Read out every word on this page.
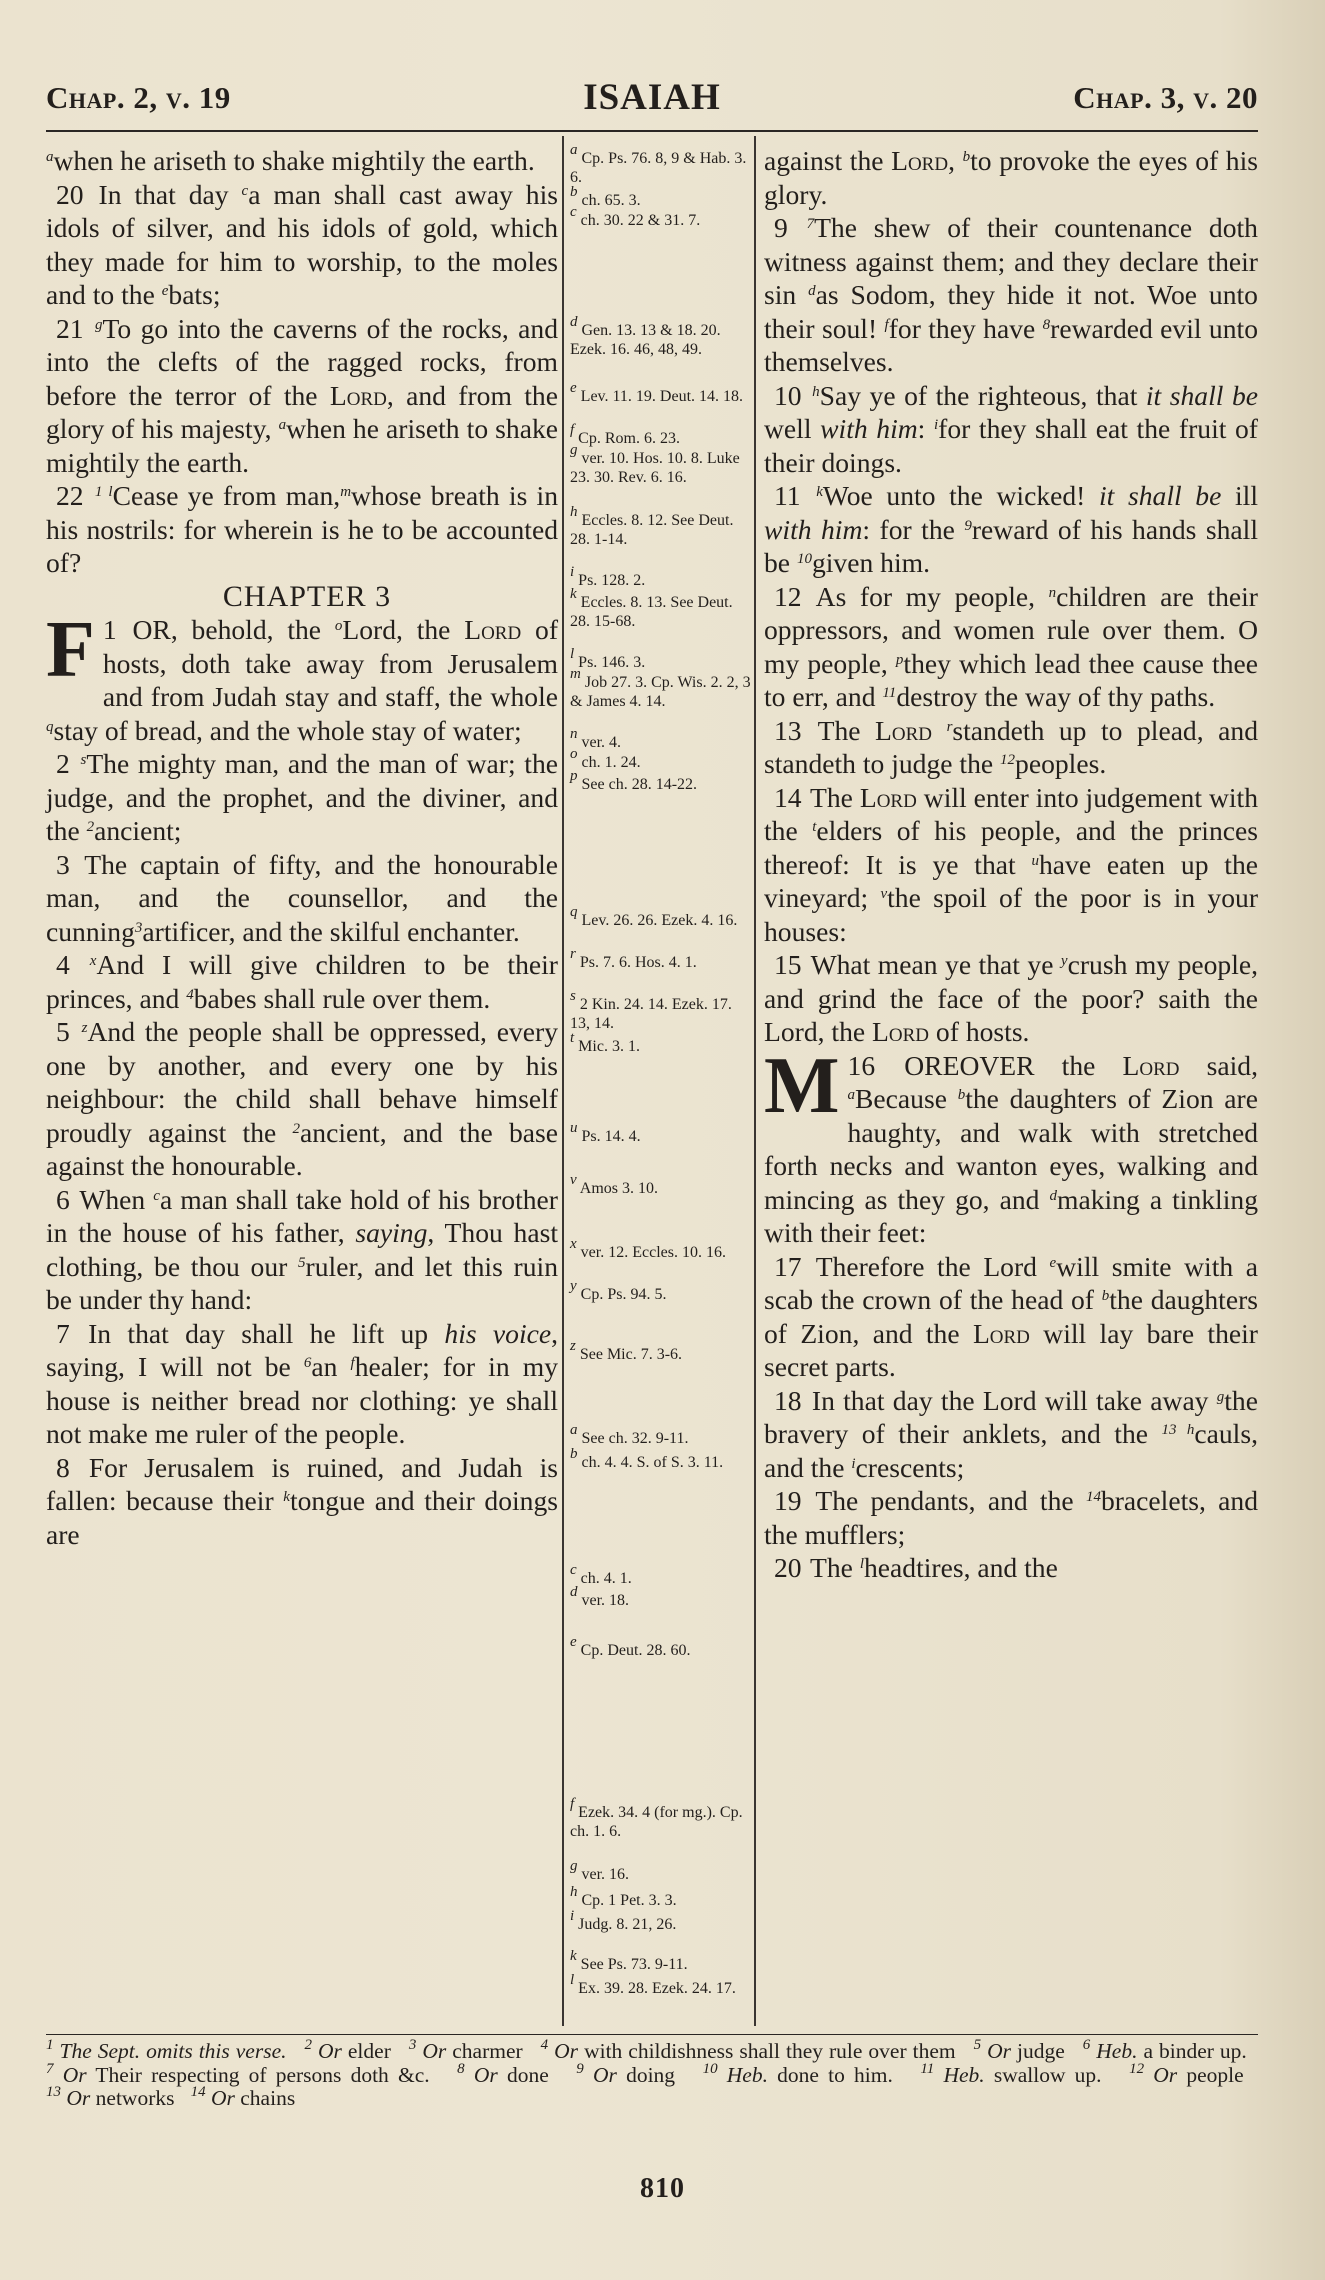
Chap. 2, v. 19	ISAIAH	Chap. 3, v. 20

$^a$when he ariseth to shake mightily the earth.

20 In that day $^c$a man shall cast away his idols of silver, and his idols of gold, which they made for him to worship, to the moles and to the $^e$bats;

21 $^g$To go into the caverns of the rocks, and into the clefts of the ragged rocks, from before the terror of the Lord, and from the glory of his majesty, $^a$when he ariseth to shake mightily the earth.

22 $^{1 l}$Cease ye from man,$^m$whose breath is in his nostrils: for wherein is he to be accounted of?

CHAPTER 3

1
F OR, behold, the $^o$Lord, the Lord of hosts, doth take away from Jerusalem and from Judah stay and staff, the whole $^q$stay of bread, and the whole stay of water;

2 $^s$The mighty man, and the man of war; the judge, and the prophet, and the diviner, and the $^2$ancient;

3 The captain of fifty, and the honourable man, and the counsellor, and the cunning$^3$artificer, and the skilful enchanter.

4 $^x$And I will give children to be their princes, and $^4$babes shall rule over them.

5 $^z$And the people shall be oppressed, every one by another, and every one by his neighbour: the child shall behave himself proudly against the $^2$ancient, and the base against the honourable.

6 When $^c$a man shall take hold of his brother in the house of his father, saying, Thou hast clothing, be thou our $^5$ruler, and let this ruin be under thy hand:

7 In that day shall he lift up his voice, saying, I will not be $^6$an $^f$healer; for in my house is neither bread nor clothing: ye shall not make me ruler of the people.

8 For Jerusalem is ruined, and Judah is fallen: because their $^k$tongue and their doings are

a Cp. Ps. 76. 8, 9 & Hab. 3. 6.
b ch. 65. 3.
c ch. 30. 22 & 31. 7.
d Gen. 13. 13 & 18. 20. Ezek. 16. 46, 48, 49.
e Lev. 11. 19. Deut. 14. 18.
f Cp. Rom. 6. 23.
g ver. 10. Hos. 10. 8. Luke 23. 30. Rev. 6. 16.
h Eccles. 8. 12. See Deut. 28. 1-14.
i Ps. 128. 2.
k Eccles. 8. 13. See Deut. 28. 15-68.
l Ps. 146. 3.
m Job 27. 3. Cp. Wis. 2. 2, 3 & James 4. 14.
n ver. 4.
o ch. 1. 24.
p See ch. 28. 14-22.
q Lev. 26. 26. Ezek. 4. 16.
r Ps. 7. 6. Hos. 4. 1.
s 2 Kin. 24. 14. Ezek. 17. 13, 14.
t Mic. 3. 1.
u Ps. 14. 4.
v Amos 3. 10.
x ver. 12. Eccles. 10. 16.
y Cp. Ps. 94. 5.
z See Mic. 7. 3-6.
a See ch. 32. 9-11.
b ch. 4. 4. S. of S. 3. 11.
c ch. 4. 1.
d ver. 18.
e Cp. Deut. 28. 60.
f Ezek. 34. 4 (for mg.). Cp. ch. 1. 6.
g ver. 16.
h Cp. 1 Pet. 3. 3.
i Judg. 8. 21, 26.
k See Ps. 73. 9-11.
l Ex. 39. 28. Ezek. 24. 17.

against the Lord, $^b$to provoke the eyes of his glory.

9 $^7$The shew of their countenance doth witness against them; and they declare their sin $^d$as Sodom, they hide it not. Woe unto their soul! $^f$for they have $^8$rewarded evil unto themselves.

10 $^h$Say ye of the righteous, that it shall be well with him: $^i$for they shall eat the fruit of their doings.

11 $^k$Woe unto the wicked! it shall be ill with him: for the $^9$reward of his hands shall be $^{10}$given him.

12 As for my people, $^n$children are their oppressors, and women rule over them. O my people, $^p$they which lead thee cause thee to err, and $^{11}$destroy the way of thy paths.

13 The Lord $^r$standeth up to plead, and standeth to judge the $^{12}$peoples.

14 The Lord will enter into judgement with the $^t$elders of his people, and the princes thereof: It is ye that $^u$have eaten up the vineyard; $^v$the spoil of the poor is in your houses:

15 What mean ye that ye $^y$crush my people, and grind the face of the poor? saith the Lord, the Lord of hosts.

16
M OREOVER the Lord said, $^a$Because $^b$the daughters of Zion are haughty, and walk with stretched forth necks and wanton eyes, walking and mincing as they go, and $^d$making a tinkling with their feet:

17 Therefore the Lord $^e$will smite with a scab the crown of the head of $^b$the daughters of Zion, and the Lord will lay bare their secret parts.

18 In that day the Lord will take away $^g$the bravery of their anklets, and the $^{13 h}$cauls, and the $^i$crescents;

19 The pendants, and the $^{14}$bracelets, and the mufflers;

20 The $^l$headtires, and the

$^1$ The Sept. omits this verse. $^2$ Or elder $^3$ Or charmer $^4$ Or with childishness shall they rule over them $^5$ Or judge $^6$ Heb. a binder up.   $^7$ Or Their respecting of persons doth &c. $^8$ Or done $^9$ Or doing $^{10}$ Heb. done to him. $^{11}$ Heb. swallow up. $^{12}$ Or people   $^{13}$ Or networks $^{14}$ Or chains
810
